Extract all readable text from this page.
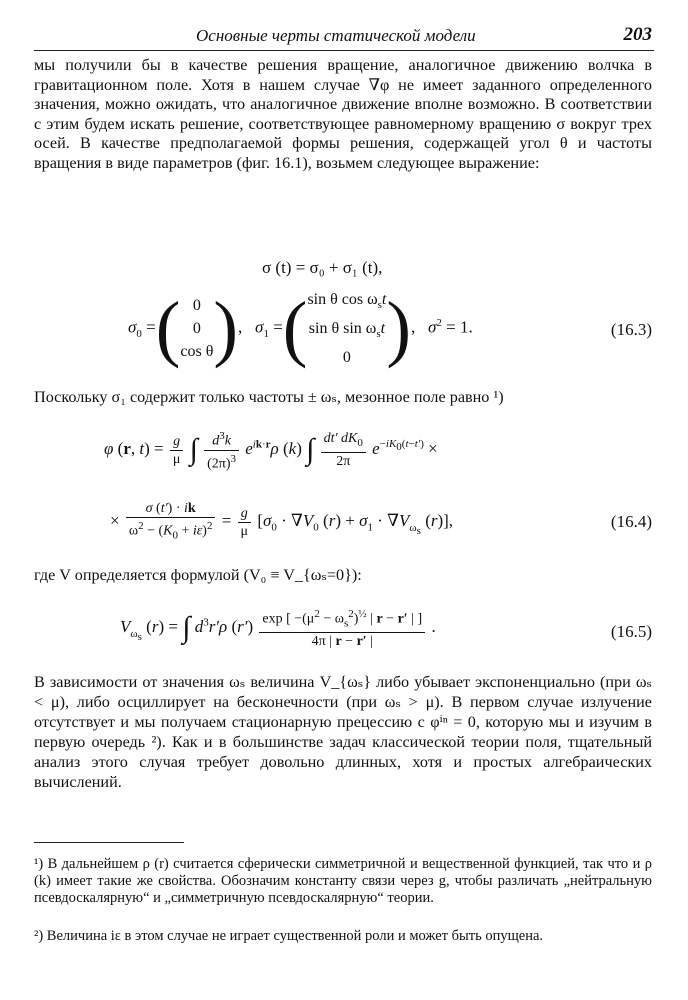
Основные черты статической модели	203

мы получили бы в качестве решения вращение, аналогичное движению волчка в гравитационном поле. Хотя в нашем случае ∇φ не имеет заданного определенного значения, можно ожидать, что аналогичное движение вполне возможно. В соответствии с этим будем искать решение, соответствующее равномерному вращению σ вокруг трех осей. В качестве предполагаемой формы решения, содержащей угол θ и частоты вращения в виде параметров (фиг. 16.1), возьмем следующее выражение:

σ (t) = σ₀ + σ₁ (t),
$\sigma_0$ =( 0
0
cos θ),   $\sigma_1 =(\sin$ θ $\cos \omega_st$
sin θ $\sin \omega_st$
0 ),   $\sigma^2 = 1$.	(16.3)

Поскольку σ₁ содержит только частоты ± ωₛ, мезонное поле равно ¹)

φ (r, $t) = \frac{g}{\mu}$ ∫ $\frac{d^3k}{(2\pi)^3} e^{ik\cdot r}\rho$ (k) ∫ $\frac{dt' dK_0}{2\pi} e^{-iK_0(t-t')}$ ×
× $\frac{\sigma (t') \cdot ik}{\omega^2 - (K_0 + i\varepsilon)^2} = \frac{g}{\mu} [\sigma_0 \cdot \nabla V_0$ $(r) + \sigma_1 \cdot \nabla V_{\omega_s}$ (r)],	(16.4)

где V определяется формулой (V₀ ≡ V_{ωₛ=0}):

$V_{\omega_s}$ (r) = ∫ $d^3r'\rho$ $(r') \frac{\exp [ -(\mu^2 - \omega_s^2)^{\frac{1}{2}} | r - r' | ]}{4\pi | r - r' |}$ .	(16.5)

В зависимости от значения ωₛ величина V_{ωₛ} либо убывает экспоненциально (при ωₛ < μ), либо осциллирует на бесконечности (при ωₛ > μ). В первом случае излучение отсутствует и мы получаем стационарную прецессию с φⁱⁿ = 0, которую мы и изучим в первую очередь ²). Как и в большинстве задач классической теории поля, тщательный анализ этого случая требует довольно длинных, хотя и простых алгебраических вычислений.

¹) В дальнейшем ρ (r) считается сферически симметричной и вещественной функцией, так что и ρ (k) имеет такие же свойства. Обозначим константу связи через g, чтобы различать „нейтральную псевдоскалярную“ и „симметричную псевдоскалярную“ теории.

²) Величина iε в этом случае не играет существенной роли и может быть опущена.
